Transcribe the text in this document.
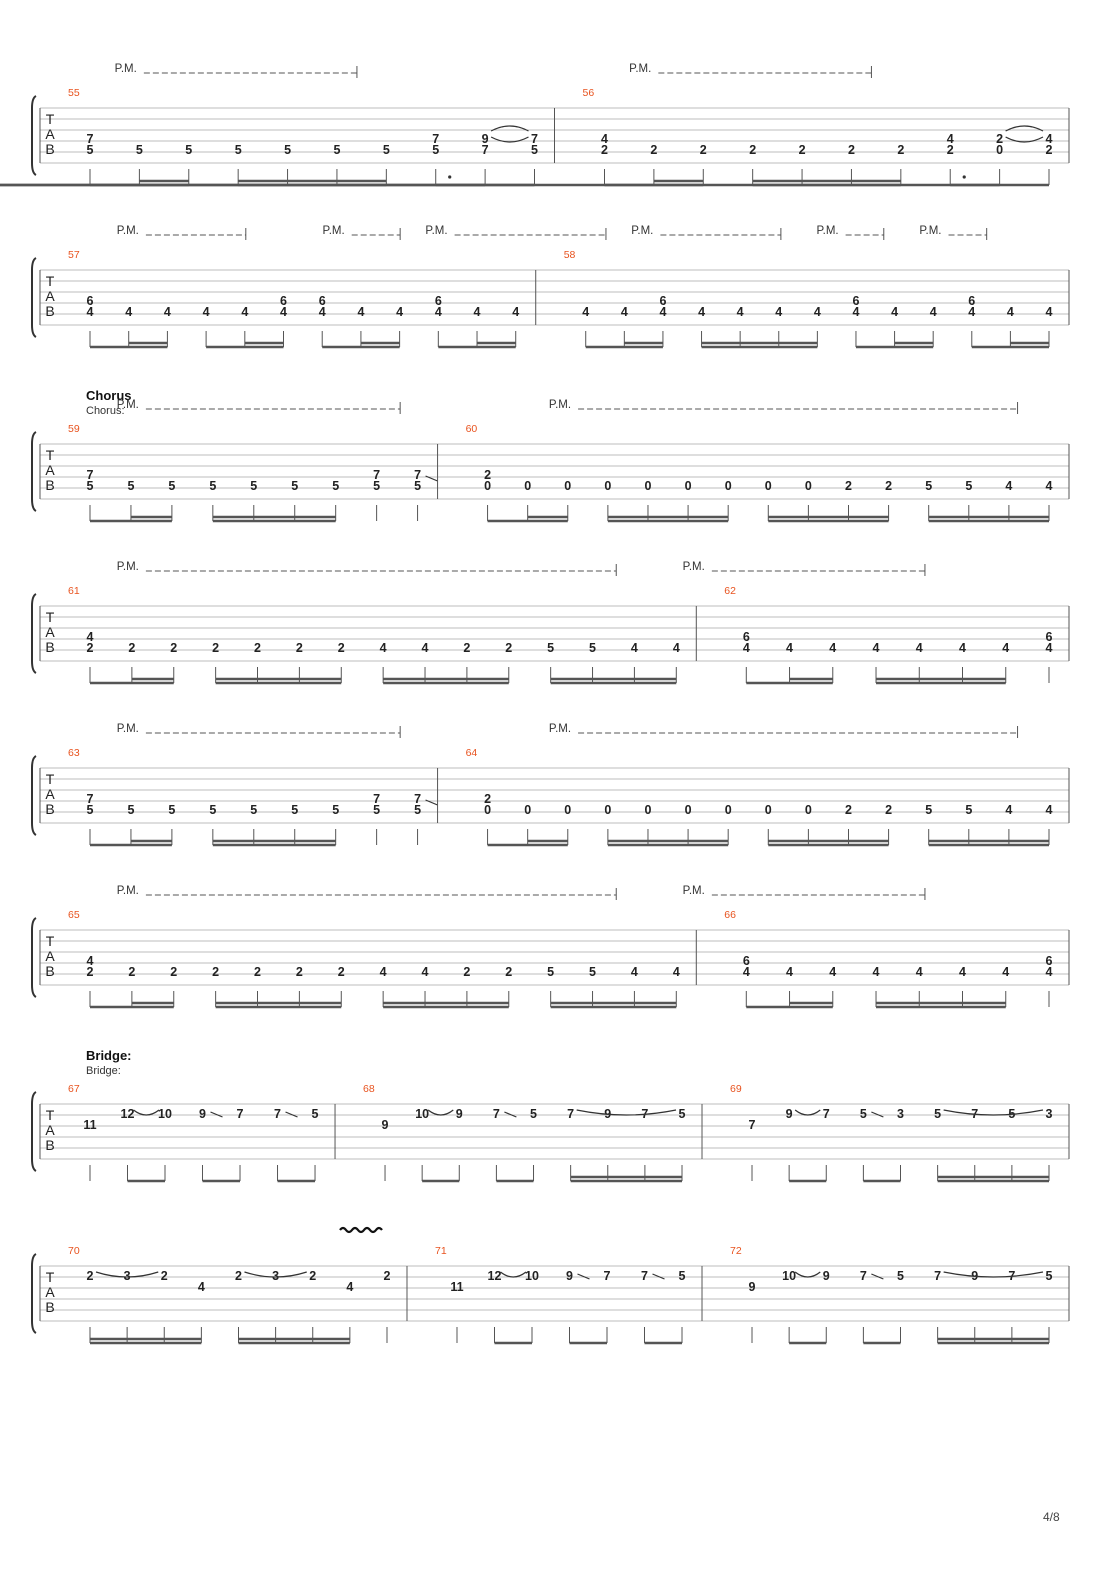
T
A
B
P.M.	P.M.
55
7
5	5	5	5	5	5	5
7
5
9
7
7
5
56
4
2	2	2	2	2	2	2
4
2
2
0
4
2
T
A
B
P.M.	P.M.	P.M.	P.M.	P.M.	P.M.
57
6
4	4	4	4	4
6
4
6
4	4	4
6
4	4	4
58
4	4
6
4	4	4	4	4
6
4	4	4
6
4	4	4
T
A
B
Chorus
Chorus:
P.M.	P.M.
59
7
5	5	5	5	5	5	5
7
5
7
5
60
2
0	0	0	0	0	0	0	0	0	2	2	5	5	4	4
T
A
B
P.M.	P.M.
61
4
2	2	2	2	2	2	2	4	4	2	2	5	5	4	4
62
6
4	4	4	4	4	4	4
6
4
T
A
B
P.M.	P.M.
63
7
5	5	5	5	5	5	5
7
5
7
5
64
2
0	0	0	0	0	0	0	0	0	2	2	5	5	4	4
T
A
B
P.M.	P.M.
65
4
2	2	2	2	2	2	2	4	4	2	2	5	5	4	4
66
6
4	4	4	4	4	4	4
6
4
T
A
B
Bridge:
Bridge:
67
11
12 10 9 7 7 5
68
9
10 9 7 5 7 9 7 5
69
7
9 7 5 3 5 7 5 3
T
A
B
70
2 3 2
4
2 3 2
4
2
71
11
12 10 9 7 7 5
72
9
10 9 7 5 7 9 7 5
4/8
